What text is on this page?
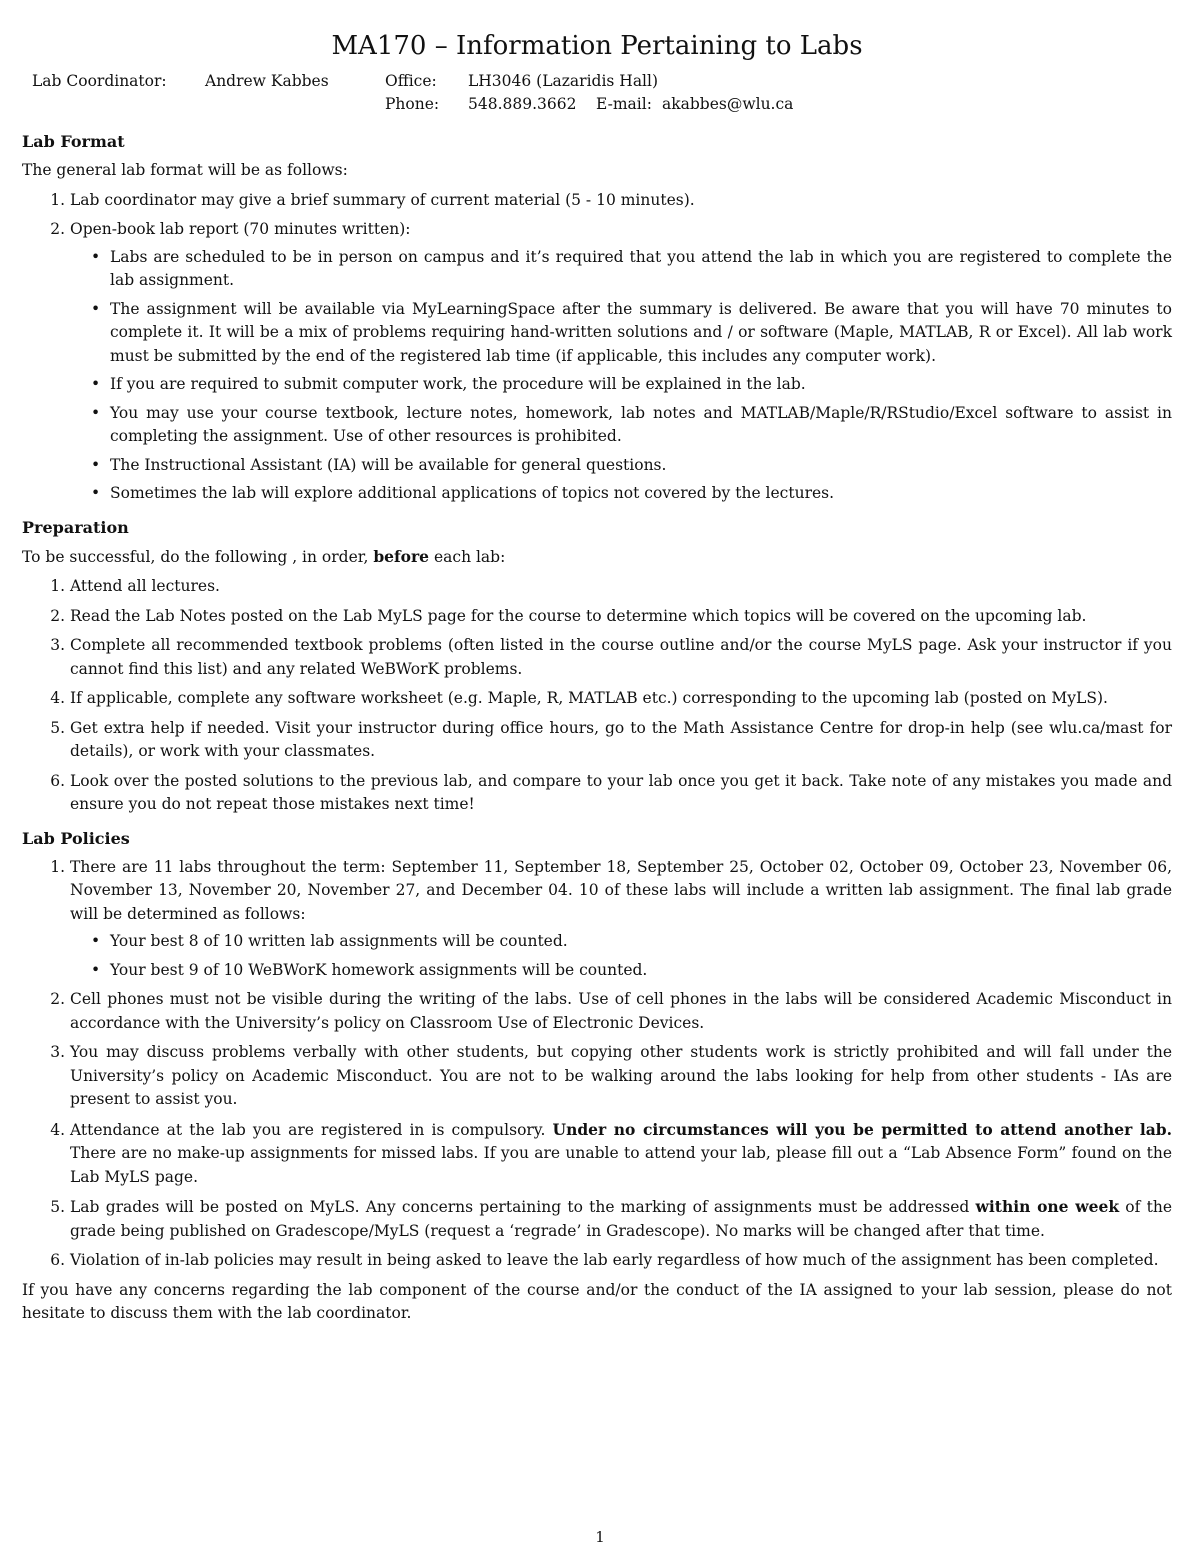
MA170 – Information Pertaining to Labs
Lab Coordinator: Andrew Kabbes	Office: LH3046 (Lazaridis Hall)
Phone: 548.889.3662 E-mail: akabbes@wlu.ca
Lab Format

The general lab format will be as follows:

1. Lab coordinator may give a brief summary of current material (5 - 10 minutes).
2. Open-book lab report (70 minutes written):
• Labs are scheduled to be in person on campus and it’s required that you attend the lab in which you are registered to complete the lab assignment.
• The assignment will be available via MyLearningSpace after the summary is delivered. Be aware that you will have 70 minutes to complete it. It will be a mix of problems requiring hand-written solutions and / or software (Maple, MATLAB, R or Excel). All lab work must be submitted by the end of the registered lab time (if applicable, this includes any computer work).
• If you are required to submit computer work, the procedure will be explained in the lab.
• You may use your course textbook, lecture notes, homework, lab notes and MATLAB/Maple/R/RStudio/Excel software to assist in completing the assignment. Use of other resources is prohibited.
• The Instructional Assistant (IA) will be available for general questions.
• Sometimes the lab will explore additional applications of topics not covered by the lectures.
Preparation

To be successful, do the following , in order, before each lab:

1. Attend all lectures.
2. Read the Lab Notes posted on the Lab MyLS page for the course to determine which topics will be covered on the upcoming lab.
3. Complete all recommended textbook problems (often listed in the course outline and/or the course MyLS page. Ask your instructor if you cannot find this list) and any related WeBWorK problems.
4. If applicable, complete any software worksheet (e.g. Maple, R, MATLAB etc.) corresponding to the upcoming lab (posted on MyLS).
5. Get extra help if needed. Visit your instructor during office hours, go to the Math Assistance Centre for drop-in help (see wlu.ca/mast for details), or work with your classmates.
6. Look over the posted solutions to the previous lab, and compare to your lab once you get it back. Take note of any mistakes you made and ensure you do not repeat those mistakes next time!
Lab Policies
1. There are 11 labs throughout the term: September 11, September 18, September 25, October 02, October 09, October 23, November 06, November 13, November 20, November 27, and December 04. 10 of these labs will include a written lab assignment. The final lab grade will be determined as follows:
• Your best 8 of 10 written lab assignments will be counted.
• Your best 9 of 10 WeBWorK homework assignments will be counted.
2. Cell phones must not be visible during the writing of the labs. Use of cell phones in the labs will be considered Academic Misconduct in accordance with the University’s policy on Classroom Use of Electronic Devices.
3. You may discuss problems verbally with other students, but copying other students work is strictly prohibited and will fall under the University’s policy on Academic Misconduct. You are not to be walking around the labs looking for help from other students - IAs are present to assist you.
4. Attendance at the lab you are registered in is compulsory. Under no circumstances will you be permitted to attend another lab. There are no make-up assignments for missed labs. If you are unable to attend your lab, please fill out a “Lab Absence Form” found on the Lab MyLS page.
5. Lab grades will be posted on MyLS. Any concerns pertaining to the marking of assignments must be addressed within one week of the grade being published on Gradescope/MyLS (request a ‘regrade’ in Gradescope). No marks will be changed after that time.
6. Violation of in-lab policies may result in being asked to leave the lab early regardless of how much of the assignment has been completed.

If you have any concerns regarding the lab component of the course and/or the conduct of the IA assigned to your lab session, please do not hesitate to discuss them with the lab coordinator.

1
